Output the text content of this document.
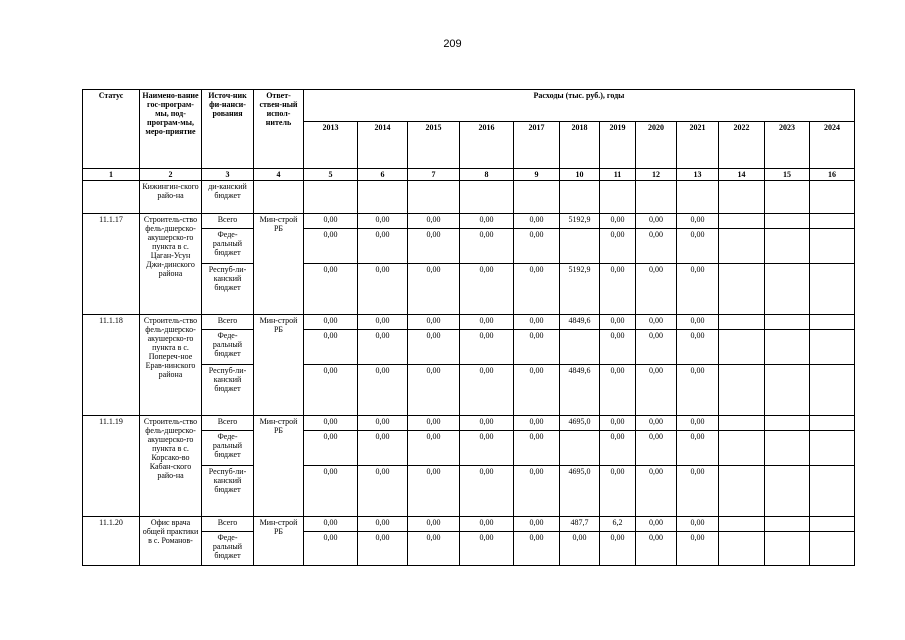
209
Статус	Наимено-вание гос-програм-мы, под-програм-мы, меро-приятие	Источ-ник фи-нанси-рования	Ответ-ствен-ный испол-нитель	Расходы (тыс. руб.), годы											
				2013	2014	2015	2016	2017	2018	2019	2020	2021	2022	2023	2024
1	2	3	4	5	6	7	8	9	10	11	12	13	14	15	16
	Кижингин-ского райо-на	ди-канский бюджет													
11.1.17	Строитель-ство фель-дшерско-акушерско-го пункта в с. Цаган-Усун Джи-динского района	Всего	Мин-строй РБ	0,00	0,00	0,00	0,00	0,00	5192,9	0,00	0,00	0,00			
		Феде-ральный бюджет		0,00	0,00	0,00	0,00	0,00		0,00	0,00	0,00			
		Респуб-ли-канский бюджет		0,00	0,00	0,00	0,00	0,00	5192,9	0,00	0,00	0,00			
11.1.18	Строитель-ство фель-дшерско-акушерско-го пункта в с. Попереч-ное Ерав-нинского района	Всего	Мин-строй РБ	0,00	0,00	0,00	0,00	0,00	4849,6	0,00	0,00	0,00			
		Феде-ральный бюджет		0,00	0,00	0,00	0,00	0,00		0,00	0,00	0,00			
		Респуб-ли-канский бюджет		0,00	0,00	0,00	0,00	0,00	4849,6	0,00	0,00	0,00			
11.1.19	Строитель-ство фель-дшерско-акушерско-го пункта в с. Корсако-во Кабан-ского райо-на	Всего	Мин-строй РБ	0,00	0,00	0,00	0,00	0,00	4695,0	0,00	0,00	0,00			
		Феде-ральный бюджет		0,00	0,00	0,00	0,00	0,00		0,00	0,00	0,00			
		Респуб-ли-канский бюджет		0,00	0,00	0,00	0,00	0,00	4695,0	0,00	0,00	0,00			
11.1.20	Офис врача общей практики в с. Романов-	Всего	Мин-строй РБ	0,00	0,00	0,00	0,00	0,00	487,7	6,2	0,00	0,00			
		Феде-ральный бюджет		0,00	0,00	0,00	0,00	0,00	0,00	0,00	0,00	0,00			
